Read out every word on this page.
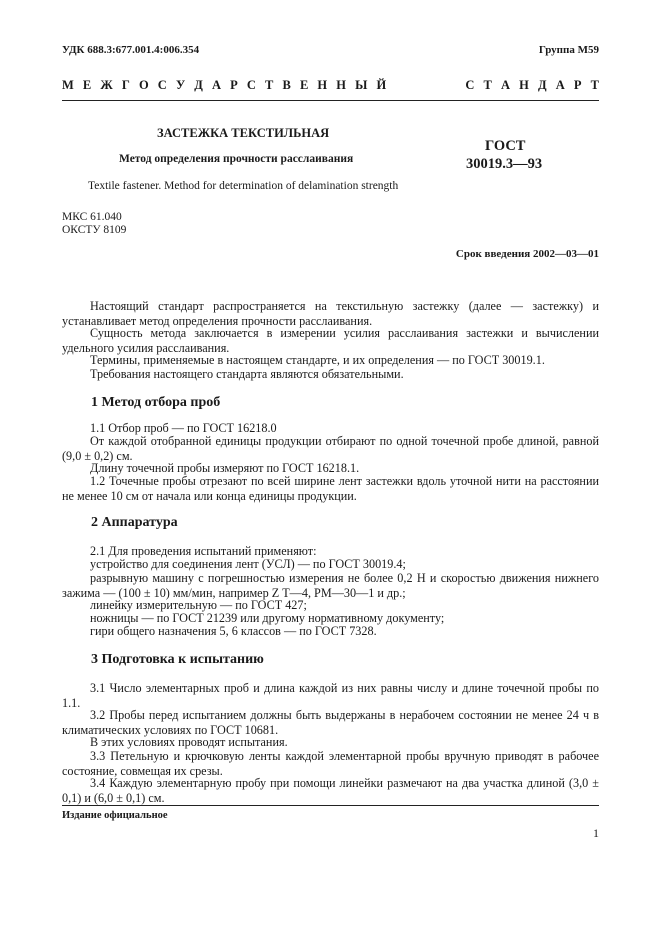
УДК 688.3:677.001.4:006.354	Группа М59
М Е Ж Г О С У Д А Р С Т В Е Н Н Ы Й	С Т А Н Д А Р Т
ЗАСТЕЖКА ТЕКСТИЛЬНАЯ
Метод определения прочности расслаивания
ГОСТ
30019.3—93
Textile fastener. Method for determination of delamination strength
МКС 61.040
ОКСТУ 8109
Срок введения 2002—03—01
Настоящий стандарт распространяется на текстильную застежку (далее — застежку) и устанавливает метод определения прочности расслаивания.
Сущность метода заключается в измерении усилия расслаивания застежки и вычислении удельного усилия расслаивания.
Термины, применяемые в настоящем стандарте, и их определения — по ГОСТ 30019.1.
Требования настоящего стандарта являются обязательными.
1 Метод отбора проб
1.1 Отбор проб — по ГОСТ 16218.0
От каждой отобранной единицы продукции отбирают по одной точечной пробе длиной, равной (9,0 ± 0,2) см.
Длину точечной пробы измеряют по ГОСТ 16218.1.
1.2 Точечные пробы отрезают по всей ширине лент застежки вдоль уточной нити на расстоянии не менее 10 см от начала или конца единицы продукции.
2 Аппаратура
2.1 Для проведения испытаний применяют:
устройство для соединения лент (УСЛ) — по ГОСТ 30019.4;
разрывную машину с погрешностью измерения не более 0,2 Н и скоростью движения нижнего зажима — (100 ± 10) мм/мин, например Z Т—4, РМ—30—1 и др.;
линейку измерительную — по ГОСТ 427;
ножницы — по ГОСТ 21239 или другому нормативному документу;
гири общего назначения 5, 6 классов — по ГОСТ 7328.
3 Подготовка к испытанию
3.1 Число элементарных проб и длина каждой из них равны числу и длине точечной пробы по 1.1.
3.2 Пробы перед испытанием должны быть выдержаны в нерабочем состоянии не менее 24 ч в климатических условиях по ГОСТ 10681.
В этих условиях проводят испытания.
3.3 Петельную и крючковую ленты каждой элементарной пробы вручную приводят в рабочее состояние, совмещая их срезы.
3.4 Каждую элементарную пробу при помощи линейки размечают на два участка длиной (3,0 ± 0,1) и (6,0 ± 0,1) см.
Издание официальное
1
